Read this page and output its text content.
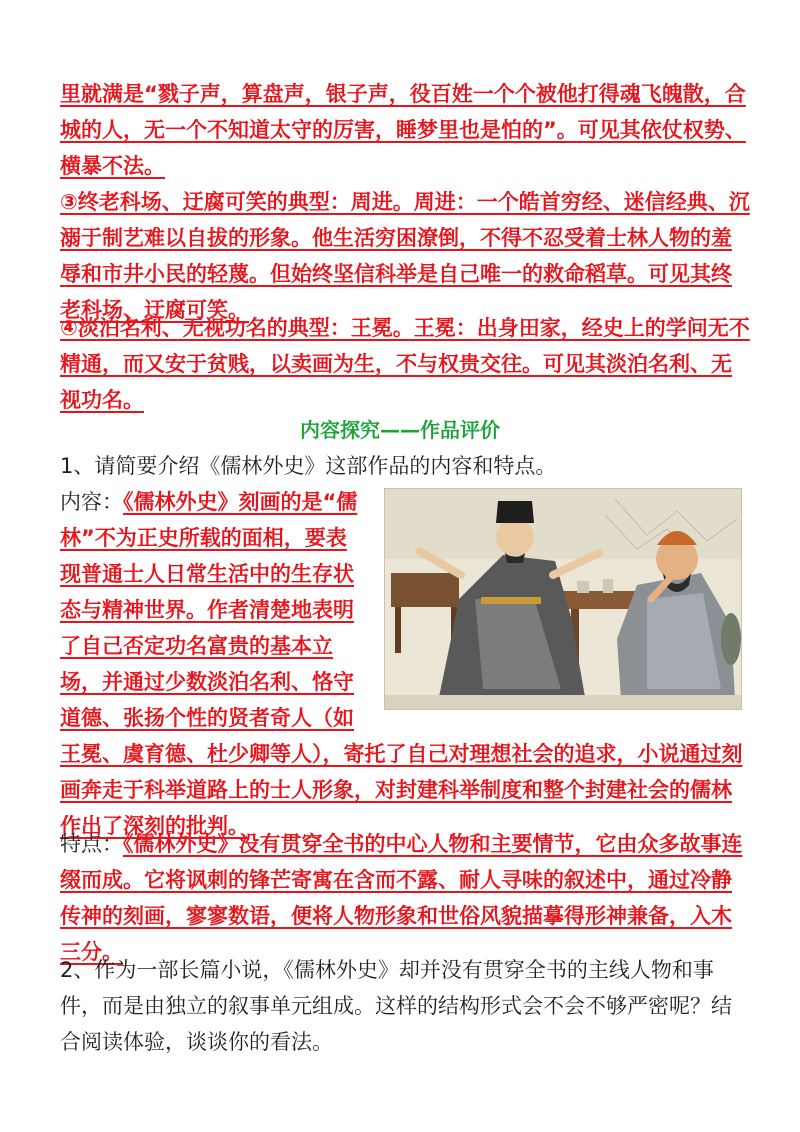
里就满是“戮子声，算盘声，银子声，役百姓一个个被他打得魂飞魄散，合城的人，无一个不知道太守的厉害，睡梦里也是怕的”。可见其依仗权势、横暴不法。
③终老科场、迂腐可笑的典型：周进。周进：一个皓首穷经、迷信经典、沉溺于制艺难以自拔的形象。他生活穷困潦倒，不得不忍受着士林人物的羞辱和市井小民的轻蔑。但始终坚信科举是自己唯一的救命稻草。可见其终老科场、迂腐可笑。
④淡泊名利、无视功名的典型：王冕。王冕：出身田家，经史上的学问无不精通，而又安于贫贱，以卖画为生，不与权贵交往。可见其淡泊名利、无视功名。
内容探究——作品评价
1、请简要介绍《儒林外史》这部作品的内容和特点。
内容：《儒林外史》刻画的是“儒
林”不为正史所载的面相，要表
现普通士人日常生活中的生存状
态与精神世界。作者清楚地表明
了自己否定功名富贵的基本立
场，并通过少数淡泊名利、恪守
道德、张扬个性的贤者奇人（如
王冕、虞育德、杜少卿等人），寄托了自己对理想社会的追求，小说通过刻画奔走于科举道路上的士人形象，对封建科举制度和整个封建社会的儒林作出了深刻的批判。
特点：《儒林外史》没有贯穿全书的中心人物和主要情节，它由众多故事连缀而成。它将讽刺的锋芒寄寓在含而不露、耐人寻味的叙述中，通过冷静传神的刻画，寥寥数语，便将人物形象和世俗风貌描摹得形神兼备，入木三分。
2、作为一部长篇小说，《儒林外史》却并没有贯穿全书的主线人物和事件，而是由独立的叙事单元组成。这样的结构形式会不会不够严密呢？结合阅读体验，谈谈你的看法。
